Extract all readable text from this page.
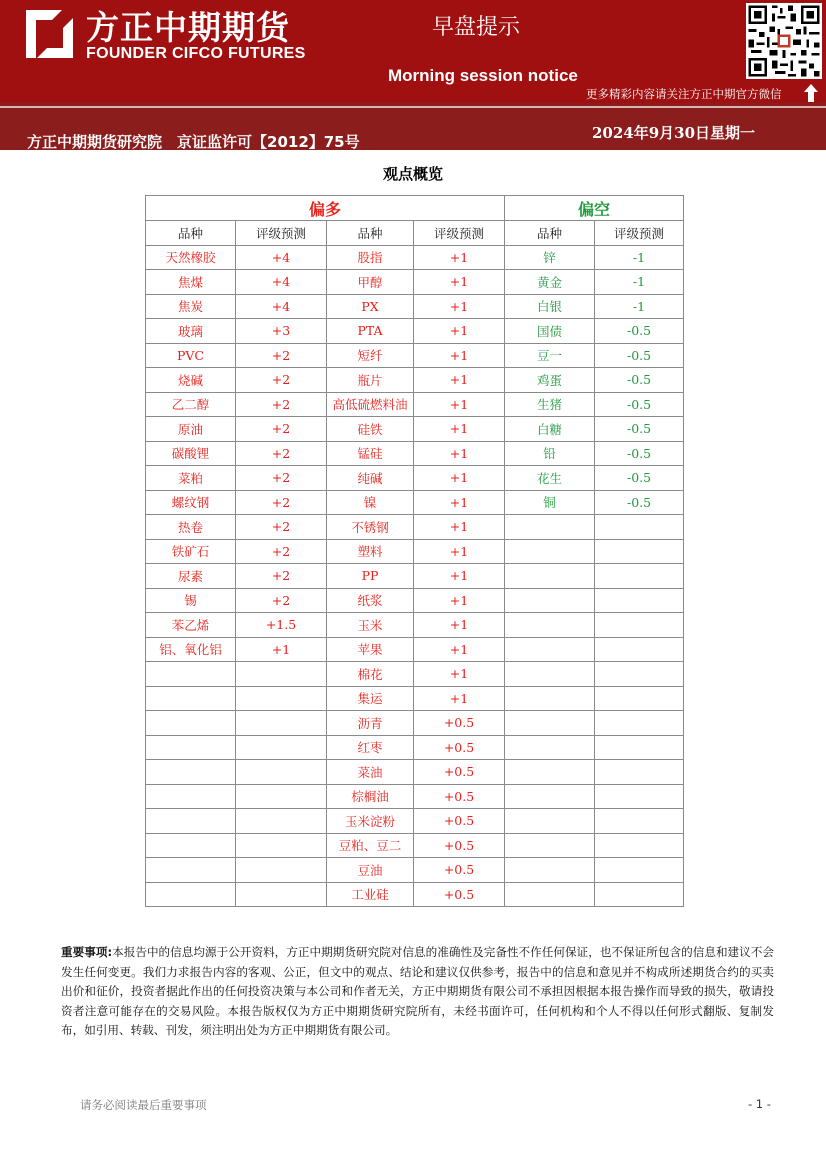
方正中期期货
FOUNDER CIFCO FUTURES
早盘提示
Morning session notice
更多精彩内容请关注方正中期官方微信
方正中期期货研究院　京证监许可【2012】75号	2024年9月30日星期一
观点概览
偏多				偏空	
品种	评级预测	品种	评级预测	品种	评级预测
天然橡胶	+4	股指	+1	锌	-1
焦煤	+4	甲醇	+1	黄金	-1
焦炭	+4	PX	+1	白银	-1
玻璃	+3	PTA	+1	国债	-0.5
PVC	+2	短纤	+1	豆一	-0.5
烧碱	+2	瓶片	+1	鸡蛋	-0.5
乙二醇	+2	高低硫燃料油	+1	生猪	-0.5
原油	+2	硅铁	+1	白糖	-0.5
碳酸锂	+2	锰硅	+1	铅	-0.5
菜粕	+2	纯碱	+1	花生	-0.5
螺纹钢	+2	镍	+1	铜	-0.5
热卷	+2	不锈钢	+1		
铁矿石	+2	塑料	+1		
尿素	+2	PP	+1		
锡	+2	纸浆	+1		
苯乙烯	+1.5	玉米	+1		
铝、氧化铝	+1	苹果	+1		
		棉花	+1		
		集运	+1		
		沥青	+0.5		
		红枣	+0.5		
		菜油	+0.5		
		棕榈油	+0.5		
		玉米淀粉	+0.5		
		豆粕、豆二	+0.5		
		豆油	+0.5		
		工业硅	+0.5		
重要事项:本报告中的信息均源于公开资料，方正中期期货研究院对信息的准确性及完备性不作任何保证，也不保证所包含的信息和建议不会发生任何变更。我们力求报告内容的客观、公正，但文中的观点、结论和建议仅供参考，报告中的信息和意见并不构成所述期货合约的买卖出价和征价，投资者据此作出的任何投资决策与本公司和作者无关，方正中期期货有限公司不承担因根据本报告操作而导致的损失，敬请投资者注意可能存在的交易风险。本报告版权仅为方正中期期货研究院所有，未经书面许可，任何机构和个人不得以任何形式翻版、复制发布，如引用、转载、刊发，须注明出处为方正中期期货有限公司。
请务必阅读最后重要事项	- 1 -
